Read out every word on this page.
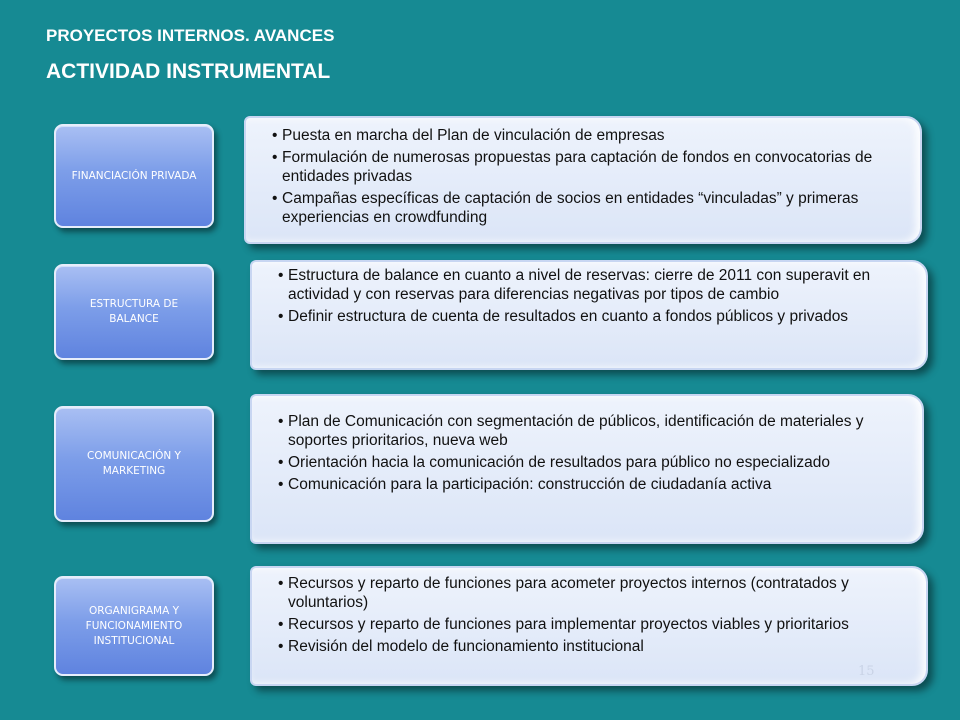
PROYECTOS INTERNOS. AVANCES
ACTIVIDAD INSTRUMENTAL
FINANCIACIÓN PRIVADA
• Puesta en marcha del Plan de vinculación de empresas
• Formulación de numerosas propuestas para captación de fondos en convocatorias de entidades privadas
• Campañas específicas de captación de socios en entidades “vinculadas” y primeras experiencias en crowdfunding
ESTRUCTURA DE BALANCE
• Estructura de balance en cuanto a nivel de reservas: cierre de 2011 con superavit en actividad y con reservas para diferencias negativas por tipos de cambio
• Definir estructura de cuenta de resultados en cuanto a fondos públicos y privados
COMUNICACIÓN Y MARKETING
• Plan de Comunicación con segmentación de públicos, identificación de materiales y soportes prioritarios, nueva web
• Orientación hacia la comunicación de resultados para público no especializado
• Comunicación para la participación: construcción de ciudadanía activa
ORGANIGRAMA Y FUNCIONAMIENTO INSTITUCIONAL
• Recursos y reparto de funciones para acometer proyectos internos (contratados y voluntarios)
• Recursos y reparto de funciones para implementar proyectos viables y prioritarios
• Revisión del modelo de funcionamiento institucional
15
